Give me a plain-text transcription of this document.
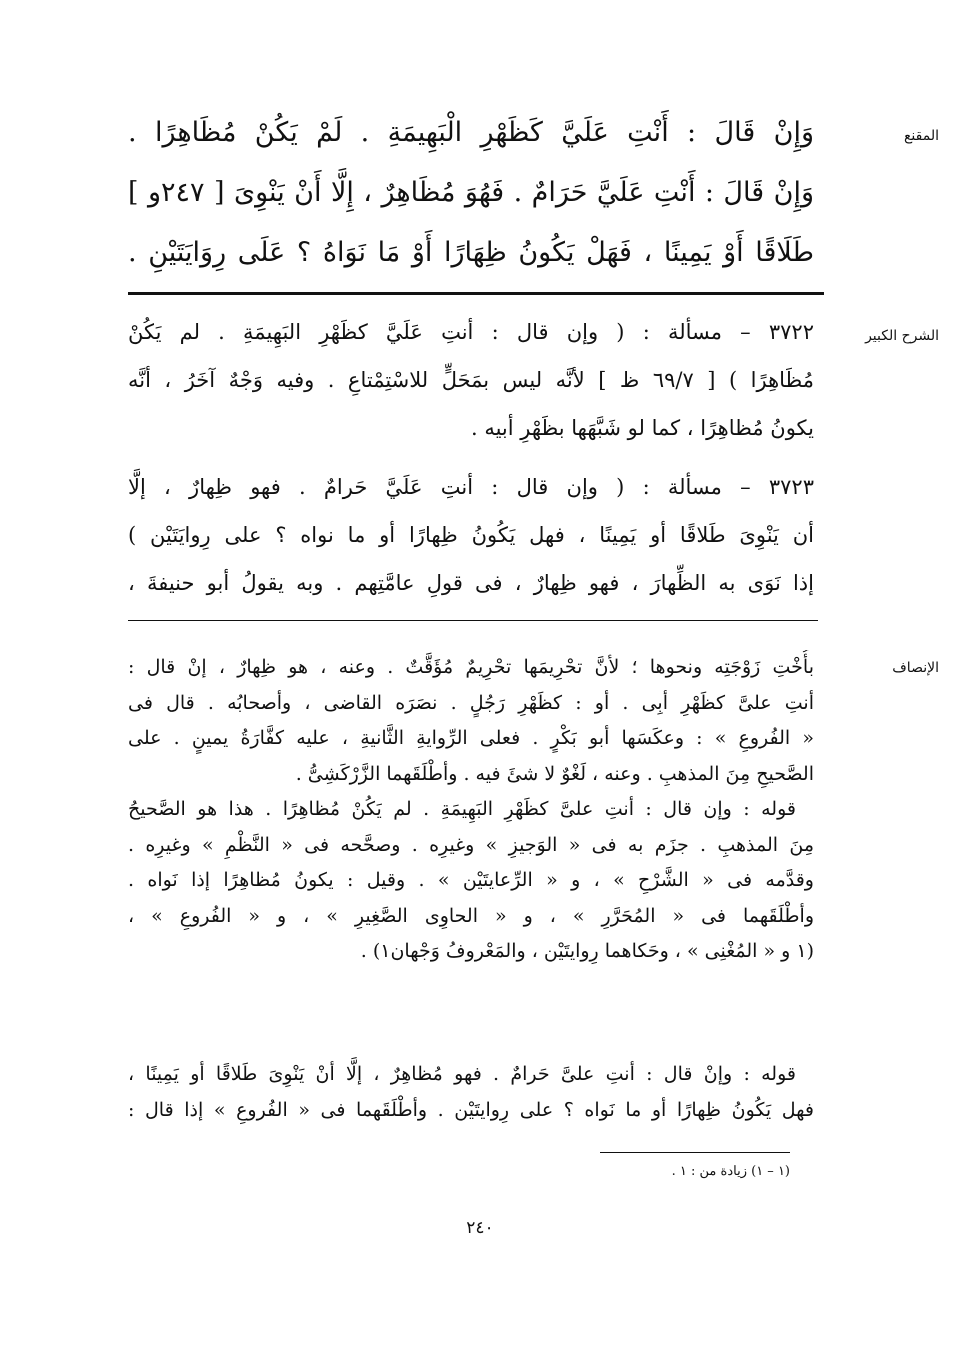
المقنع
وَإِنْ قَالَ : أَنْتِ عَلَيَّ كَظَهْرِ الْبَهِيمَةِ . لَمْ يَكُنْ مُظَاهِرًا .
وَإِنْ قَالَ : أَنْتِ عَلَيَّ حَرَامٌ . فَهُوَ مُظَاهِرٌ ، إِلَّا أَنْ يَنْوِىَ [ ٢٤٧و ]
طَلَاقًا أَوْ يَمِينًا ، فَهَلْ يَكُونُ ظِهَارًا أَوْ مَا نَوَاهُ ؟ عَلَى رِوَايَتَيْنِ .
الشرح الكبير
٣٧٢٢ – مسألة : ( وإن قال : أنتِ عَلَيَّ كظَهْرِ البَهِيمَةِ . لم يَكُنْ
مُظَاهِرًا ) [ ٦٩/٧ ظ ] لأنَّه ليس بمَحَلٍّ للاسْتِمْتاعِ . وفيه وَجْهٌ آخَرُ ، أنَّه
يكونُ مُظاهِرًا ، كما لو شَبَّهَها بظَهْرِ أبيه .
٣٧٢٣ – مسألة : ( وإن قال : أنتِ عَلَيَّ حَرامٌ . فهو ظِهارٌ ، إلَّا
أن يَنْوِىَ طَلاقًا أو يَمِينًا ، فهل يَكُونُ ظِهارًا أو ما نواه ؟ على رِوايَتَيْن )
إذا نَوَى به الظِّهارَ ، فهو ظِهارٌ ، فى قولِ عامَّتِهم . وبه يقولُ أبو حنيفةَ ،
الإنصاف
بأُخْتِ زَوْجَتِه ونحوها ؛ لأنَّ تحْرِيمَها تحْرِيمٌ مُؤَقَّتٌ . وعنه ، هو ظِهارٌ ، إنْ قال :
أنتِ علىَّ كظَهْرِ أبِى . أو : كظَهْرِ رَجُلٍ . نصَرَه القاضى ، وأصحابُه . قال فى
« الفُروعِ » : وعكَسَها أبو بَكْرٍ . فعلى الرِّوايةِ الثَّانيةِ ، عليه كفَّارَةُ يمينٍ . على
الصَّحيحِ مِنَ المذهبِ . وعنه ، لَغْوٌ لا شئَ فيه . وأطْلَقَهما الزَّرْكَشِىُّ .
قوله : وإن قال : أنتِ علىَّ كظَهْرِ البَهِيمَةِ . لم يَكُنْ مُظاهِرًا . هذا هو الصَّحيحُ
مِنَ المذهبِ . جزَم به فى « الوَجيزِ » وغيرِه . وصحَّحه فى « النَّظْمِ » وغيرِه .
وقدَّمه فى « الشَّرْحِ » ، و « الرِّعايتَيْن » . وقيل : يكونُ مُظاهِرًا إذا نَواه .
وأطْلَقَهما فى « المُحَرَّرِ » ، و « الحاوِى الصَّغِيرِ » ، و « الفُروعِ » ،
(١ و « المُغْنِى » ، وحَكاهما رِوايتَيْن ، والمَعْروفُ وَجْهان١) .
قوله : وإنْ قال : أنتِ علىَّ حَرامٌ . فهو مُظاهِرٌ ، إلَّا أنْ يَنْوِىَ طَلاقًا أو يَمِينًا ،
فهل يَكُونُ ظِهارًا أو ما نَواه ؟ على رِوايتَيْن . وأطْلَقَهما فى « الفُروعِ » إذا قال :
(١ – ١) زيادة من : ١ .
٢٤٠
